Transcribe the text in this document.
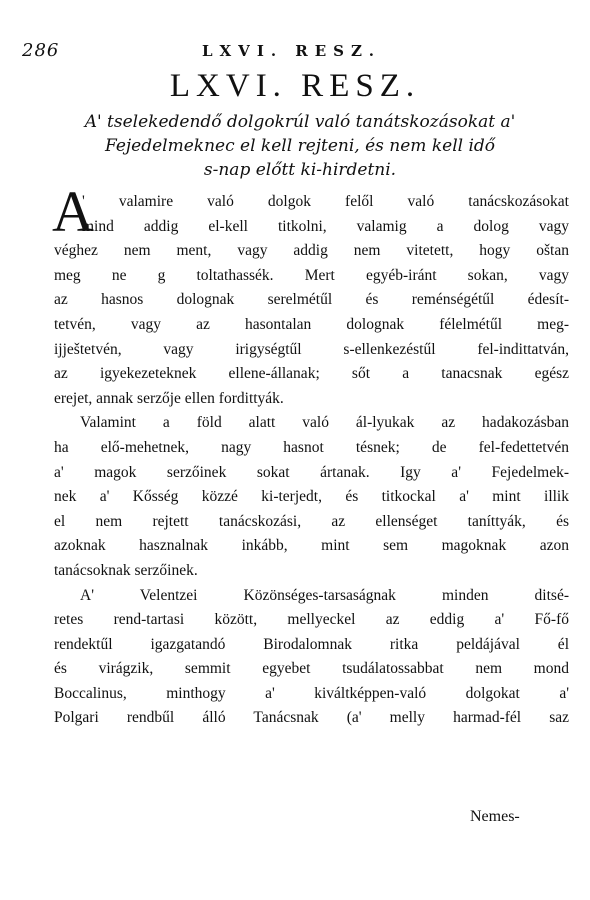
286	LXVI. RESZ.
LXVI. RESZ.
A' tselekedendő dolgokrúl való tanátskozásokat a'
Fejedelmeknec el kell rejteni, és nem kell idő
s-nap előtt ki-hirdetni.
A
' valamire való dolgok felől való tanácskozásokat
mind addig el-kell titkolni, valamig a dolog vagy
véghez nem ment, vagy addig nem vitetett, hogy oštan
meg ne g toltathassék. Mert egyéb-iránt sokan, vagy
az hasnos dolognak serelmétűl és reménségétűl édesít-
tetvén, vagy az hasontalan dolognak félelmétűl meg-
ijještetvén, vagy irigységtűl s-ellenkezéstűl fel-indittatván,
az igyekezeteknek ellene-állanak; sőt a tanacsnak egész
erejet, annak serzője ellen fordittyák.
Valamint a föld alatt való ál-lyukak az hadakozásban
ha elő-mehetnek, nagy hasnot tésnek; de fel-fedettetvén
a' magok serzőinek sokat ártanak. Igy a' Fejedelmek-
nek a' Kősség közzé ki-terjedt, és titkockal a' mint illik
el nem rejtett tanácskozási, az ellenséget taníttyák, és
azoknak hasznalnak inkább, mint sem magoknak azon
tanácsoknak serzőinek.
A' Velentzei Közönséges-tarsaságnak minden ditsé-
retes rend-tartasi között, mellyeckel az eddig a' Fő-fő
rendektűl igazgatandó Birodalomnak ritka peldájával él
és virágzik, semmit egyebet tsudálatossabbat nem mond
Boccalinus, minthogy a' kiváltképpen-való dolgokat a'
Polgari rendbűl álló Tanácsnak (a' melly harmad-fél saz
Nemes-
